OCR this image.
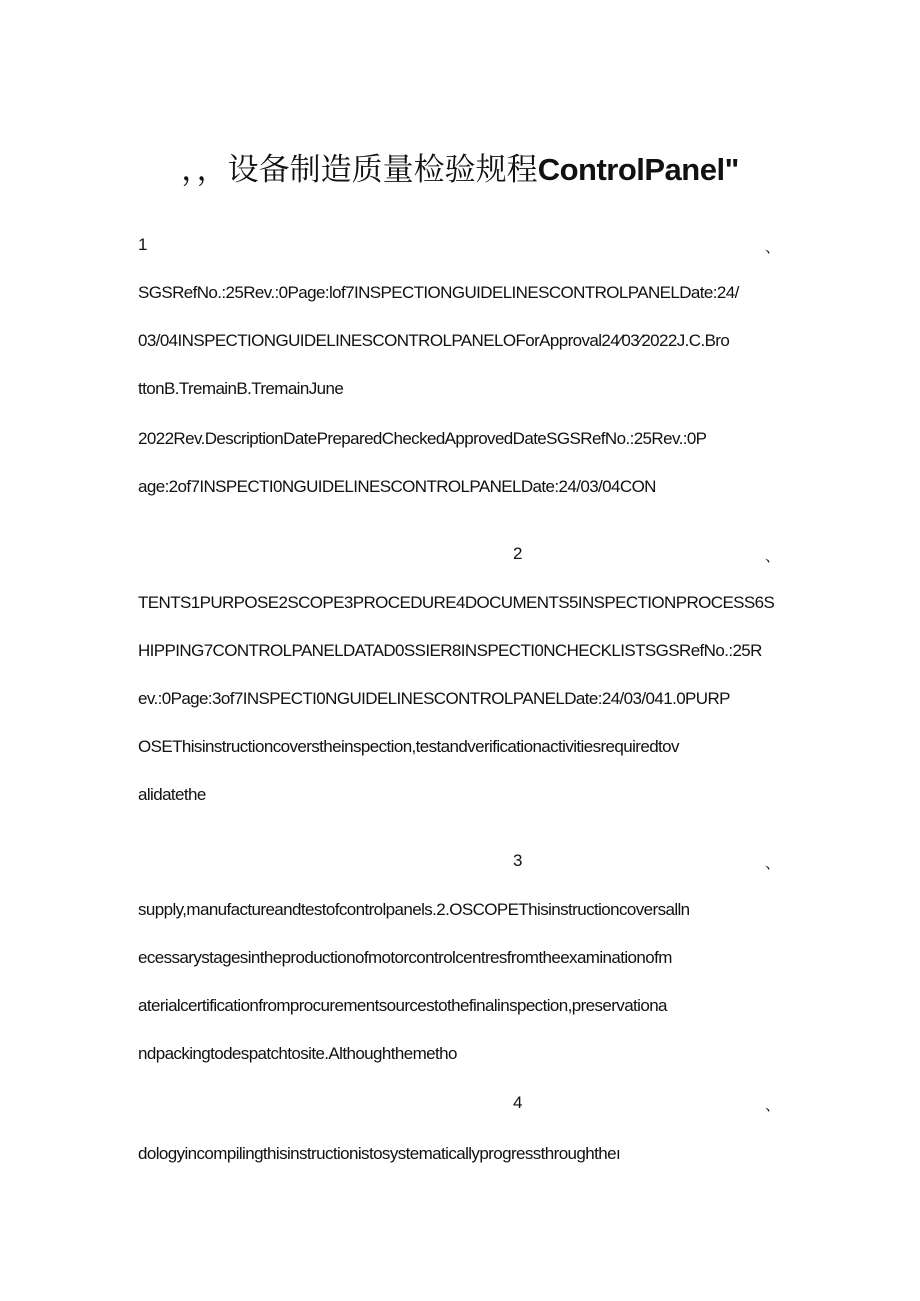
，，设备制造质量检验规程ControlPanel"
1	、
SGSRefNo.:25Rev.:0Page:lof7INSPECTIONGUIDELINESCONTROLPANELDate:24/
03/04INSPECTIONGUIDELINESCONTROLPANELOForApproval24⁄03⁄2022J.C.Bro
ttonB.TremainB.TremainJune
2022Rev.DescriptionDatePreparedCheckedApprovedDateSGSRefNo.:25Rev.:0P
age:2of7INSPECTI0NGUIDELINESCONTROLPANELDate:24/03/04CON
2	、
TENTS1PURPOSE2SCOPE3PROCEDURE4DOCUMENTS5INSPECTIONPROCESS6S
HIPPING7CONTROLPANELDATAD0SSIER8INSPECTI0NCHECKLISTSGSRefNo.:25R
ev.:0Page:3of7INSPECTI0NGUIDELINESCONTROLPANELDate:24/03/041.0PURP
OSEThisinstructioncoverstheinspection,testandverificationactivitiesrequiredtov
alidatethe
3	、
supply,manufactureandtestofcontrolpanels.2.OSCOPEThisinstructioncoversalln
ecessarystagesintheproductionofmotorcontrolcentresfromtheexaminationofm
aterialcertificationfromprocurementsourcestothefinalinspection,preservationa
ndpackingtodespatchtosite.Althoughthemetho
4	、
dologyincompilingthisinstructionistosystematicallyprogressthroughtheı
